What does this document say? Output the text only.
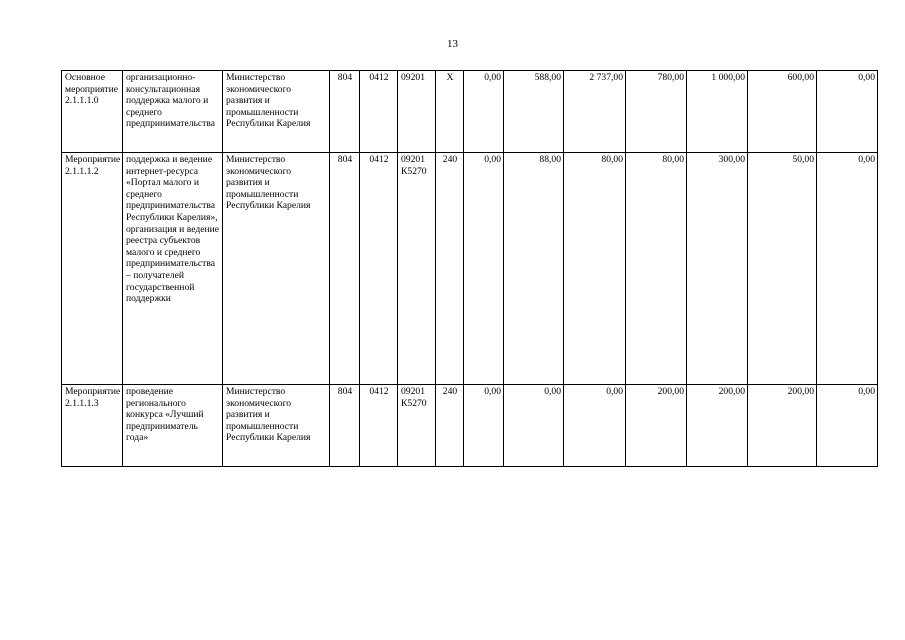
13
Основное мероприятие 2.1.1.1.0	организационно-консультационная поддержка малого и среднего предпринимательства	Министерство экономического развития и промышленности Республики Карелия	804	0412	09201	X	0,00	588,00	2 737,00	780,00	1 000,00	600,00	0,00
Мероприятие 2.1.1.1.2	поддержка и ведение интернет-ресурса «Портал малого и среднего предпринимательства Республики Карелия», организация и ведение реестра субъектов малого и среднего предпринимательства – получателей государственной поддержки	Министерство экономического развития и промышленности Республики Карелия	804	0412	09201 К5270	240	0,00	88,00	80,00	80,00	300,00	50,00	0,00
Мероприятие 2.1.1.1.3	проведение регионального конкурса «Лучший предприниматель года»	Министерство экономического развития и промышленности Республики Карелия	804	0412	09201 К5270	240	0,00	0,00	0,00	200,00	200,00	200,00	0,00
